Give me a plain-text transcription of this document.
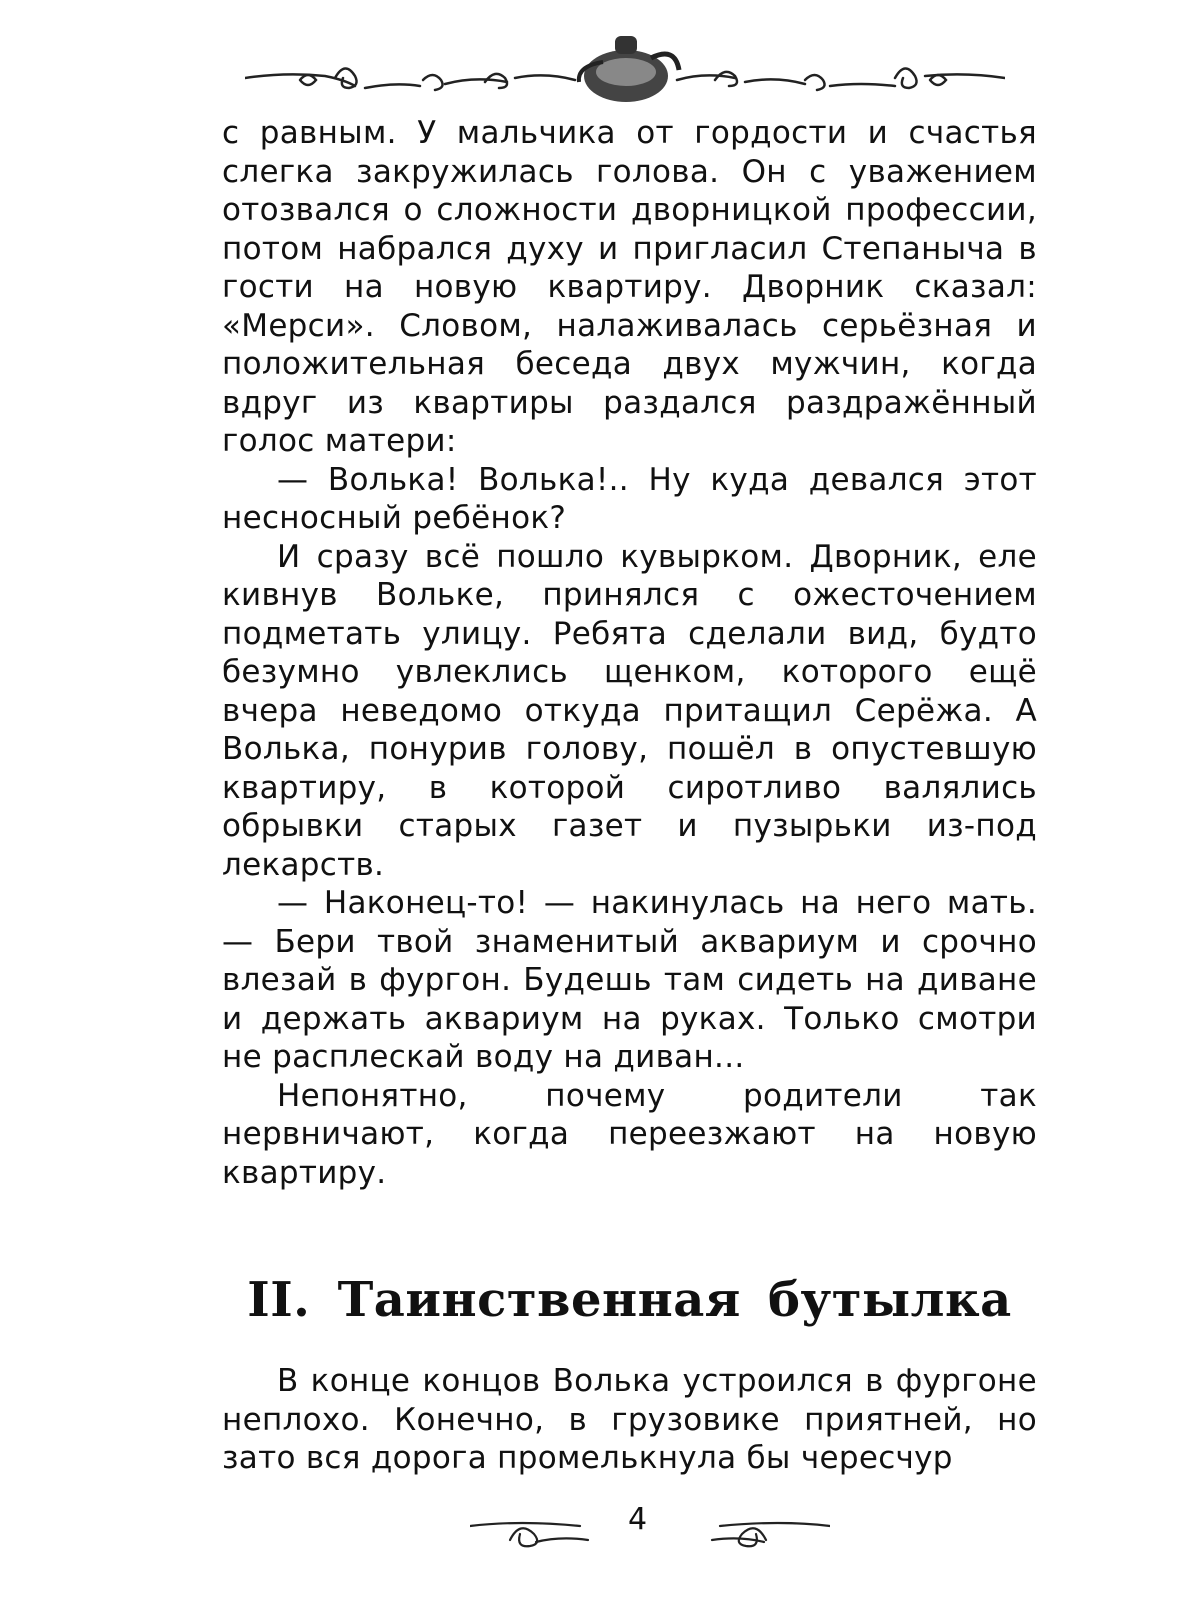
с равным. У мальчика от гордости и счастья слегка закружилась голова. Он с уважением отозвался о сложности дворницкой профессии, потом набрался духу и пригласил Степаныча в гости на новую квартиру. Дворник сказал: «Мерси». Словом, налаживалась серьёзная и положительная беседа двух мужчин, когда вдруг из квартиры раздался раздражённый голос матери:

— Волька! Волька!.. Ну куда девался этот несносный ребёнок?

И сразу всё пошло кувырком. Дворник, еле кивнув Вольке, принялся с ожесточением подметать улицу. Ребята сделали вид, будто безумно увлеклись щенком, которого ещё вчера неведомо откуда притащил Серёжа. А Волька, понурив голову, пошёл в опустевшую квартиру, в которой сиротливо валялись обрывки старых газет и пузырьки из-под лекарств.

— Наконец-то! — накинулась на него мать. — Бери твой знаменитый аквариум и срочно влезай в фургон. Будешь там сидеть на диване и держать аквариум на руках. Только смотри не расплескай воду на диван...

Непонятно, почему родители так нервничают, когда переезжают на новую квартиру.

II. Таинственная бутылка

В конце концов Волька устроился в фургоне неплохо. Конечно, в грузовике приятней, но зато вся дорога промелькнула бы чересчур

4
